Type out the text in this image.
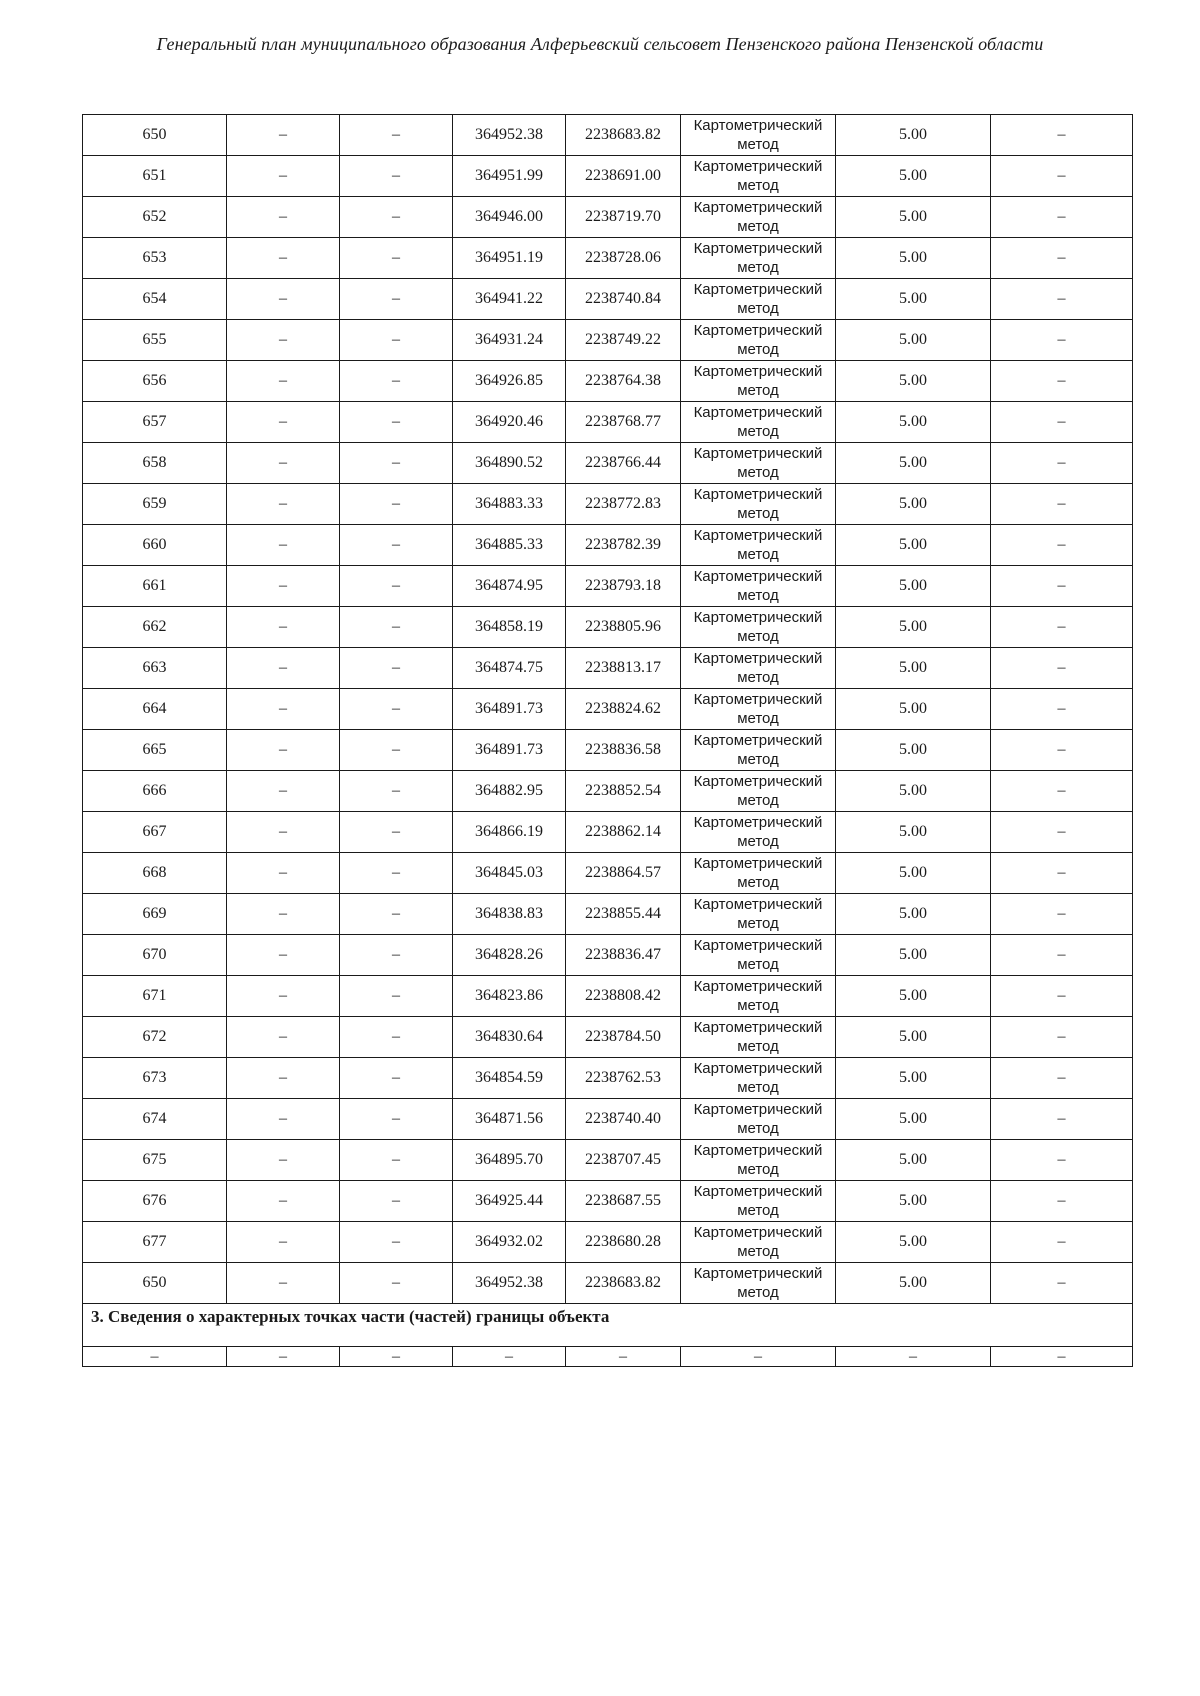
Генеральный план муниципального образования Алферьевский сельсовет Пензенского района Пензенской области
650	–	–	364952.38	2238683.82	Картометрический метод	5.00	–
651	–	–	364951.99	2238691.00	Картометрический метод	5.00	–
652	–	–	364946.00	2238719.70	Картометрический метод	5.00	–
653	–	–	364951.19	2238728.06	Картометрический метод	5.00	–
654	–	–	364941.22	2238740.84	Картометрический метод	5.00	–
655	–	–	364931.24	2238749.22	Картометрический метод	5.00	–
656	–	–	364926.85	2238764.38	Картометрический метод	5.00	–
657	–	–	364920.46	2238768.77	Картометрический метод	5.00	–
658	–	–	364890.52	2238766.44	Картометрический метод	5.00	–
659	–	–	364883.33	2238772.83	Картометрический метод	5.00	–
660	–	–	364885.33	2238782.39	Картометрический метод	5.00	–
661	–	–	364874.95	2238793.18	Картометрический метод	5.00	–
662	–	–	364858.19	2238805.96	Картометрический метод	5.00	–
663	–	–	364874.75	2238813.17	Картометрический метод	5.00	–
664	–	–	364891.73	2238824.62	Картометрический метод	5.00	–
665	–	–	364891.73	2238836.58	Картометрический метод	5.00	–
666	–	–	364882.95	2238852.54	Картометрический метод	5.00	–
667	–	–	364866.19	2238862.14	Картометрический метод	5.00	–
668	–	–	364845.03	2238864.57	Картометрический метод	5.00	–
669	–	–	364838.83	2238855.44	Картометрический метод	5.00	–
670	–	–	364828.26	2238836.47	Картометрический метод	5.00	–
671	–	–	364823.86	2238808.42	Картометрический метод	5.00	–
672	–	–	364830.64	2238784.50	Картометрический метод	5.00	–
673	–	–	364854.59	2238762.53	Картометрический метод	5.00	–
674	–	–	364871.56	2238740.40	Картометрический метод	5.00	–
675	–	–	364895.70	2238707.45	Картометрический метод	5.00	–
676	–	–	364925.44	2238687.55	Картометрический метод	5.00	–
677	–	–	364932.02	2238680.28	Картометрический метод	5.00	–
650	–	–	364952.38	2238683.82	Картометрический метод	5.00	–
3. Сведения о характерных точках части (частей) границы объекта							
–	–	–	–	–	–	–	–
